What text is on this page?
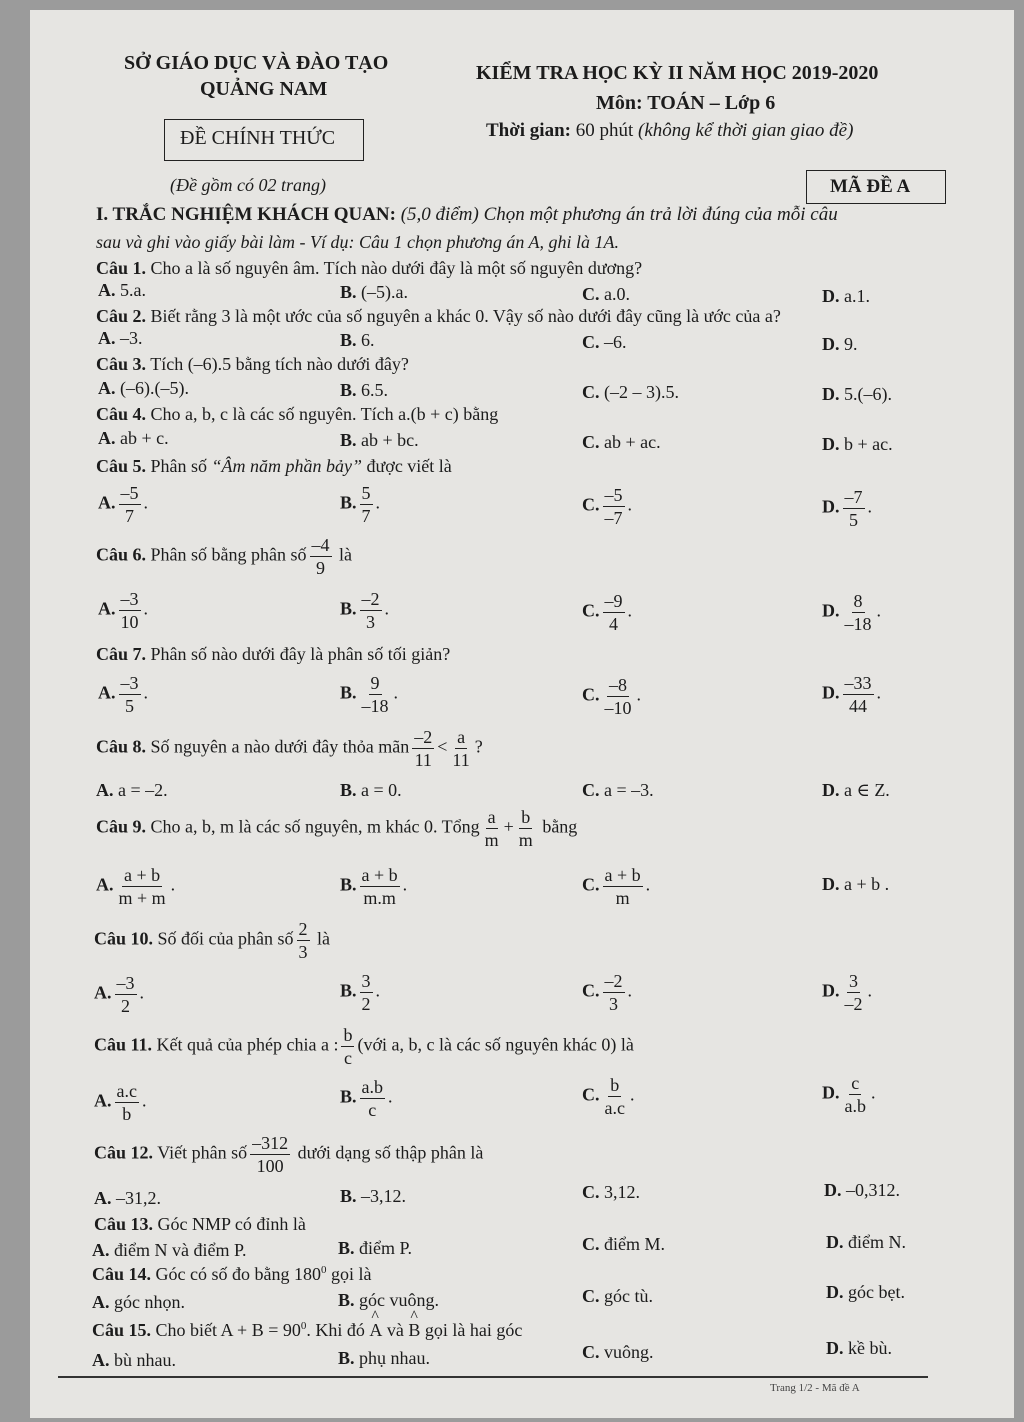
SỞ GIÁO DỤC VÀ ĐÀO TẠO
QUẢNG NAM
ĐỀ CHÍNH THỨC
(Đề gồm có 02 trang)
KIỂM TRA HỌC KỲ II NĂM HỌC 2019-2020
Môn: TOÁN – Lớp 6
Thời gian: 60 phút (không kể thời gian giao đề)
MÃ ĐỀ A
I. TRẮC NGHIỆM KHÁCH QUAN: (5,0 điểm) Chọn một phương án trả lời đúng của mỗi câu
sau và ghi vào giấy bài làm - Ví dụ: Câu 1 chọn phương án A, ghi là 1A.
Câu 1. Cho a là số nguyên âm. Tích nào dưới đây là một số nguyên dương?
A. 5.a.	B. (–5).a.	C. a.0.	D. a.1.
Câu 2. Biết rằng 3 là một ước của số nguyên a khác 0. Vậy số nào dưới đây cũng là ước của a?
A. –3.	B. 6.	C. –6.	D. 9.
Câu 3. Tích (–6).5 bằng tích nào dưới đây?
A. (–6).(–5).	B. 6.5.	C. (–2 – 3).5.	D. 5.(–6).
Câu 4. Cho a, b, c là các số nguyên. Tích a.(b + c) bằng
A. ab + c.	B. ab + bc.	C. ab + ac.	D. b + ac.
Câu 5. Phân số “Âm năm phần bảy” được viết là
A. $\frac{-5}{7}$ .	B. $\frac{5}{7}$ .	C. $\frac{-5}{-7}$ .	D. $\frac{-7}{5}$ .
Câu 6. Phân số bằng phân số $\frac{-4}{9}$ là
A. $\frac{-3}{10}$ .	B. $\frac{-2}{3}$ .	C. $\frac{-9}{4}$ .	D. $\frac{8}{-18}$ .
Câu 7. Phân số nào dưới đây là phân số tối giản?
A. $\frac{-3}{5}$ .	B. $\frac{9}{-18}$ .	C. $\frac{-8}{-10}$ .	D. $\frac{-33}{44}$ .
Câu 8. Số nguyên a nào dưới đây thỏa mãn $\frac{-2}{11} < \frac{a}{11}$ ?
A. a = –2.	B. a = 0.	C. a = –3.	D. a ∈ Z.
Câu 9. Cho a, b, m là các số nguyên, m khác 0. Tổng $\frac{a}{m} + \frac{b}{m}$ bằng
A. $\frac{a + b}{m + m}$ .	B. $\frac{a + b}{m.m}$ .	C. $\frac{a + b}{m}$ .	D. a + b .
Câu 10. Số đối của phân số $\frac{2}{3}$ là
A. $\frac{-3}{2}$ .	B. $\frac{3}{2}$ .	C. $\frac{-2}{3}$ .	D. $\frac{3}{-2}$ .
Câu 11. Kết quả của phép chia a : $\frac{b}{c}$ (với a, b, c là các số nguyên khác 0) là
A. $\frac{a.c}{b}$ .	B. $\frac{a.b}{c}$ .	C. $\frac{b}{a.c}$ .	D. $\frac{c}{a.b}$ .
Câu 12. Viết phân số $\frac{-312}{100}$ dưới dạng số thập phân là
A. –31,2.	B. –3,12.	C. 3,12.	D. –0,312.
Câu 13. Góc NMP có đỉnh là
A. điểm N và điểm P.	B. điểm P.	C. điểm M.	D. điểm N.
Câu 14. Góc có số đo bằng $180^0$ gọi là
A. góc nhọn.	B. góc vuông.	C. góc tù.	D. góc bẹt.
Câu 15. Cho biết $A + B = 90^0$. Khi đó ^ A và ^ B gọi là hai góc
A. bù nhau.	B. phụ nhau.	C. vuông.	D. kề bù.
Trang 1/2 - Mã đề A
